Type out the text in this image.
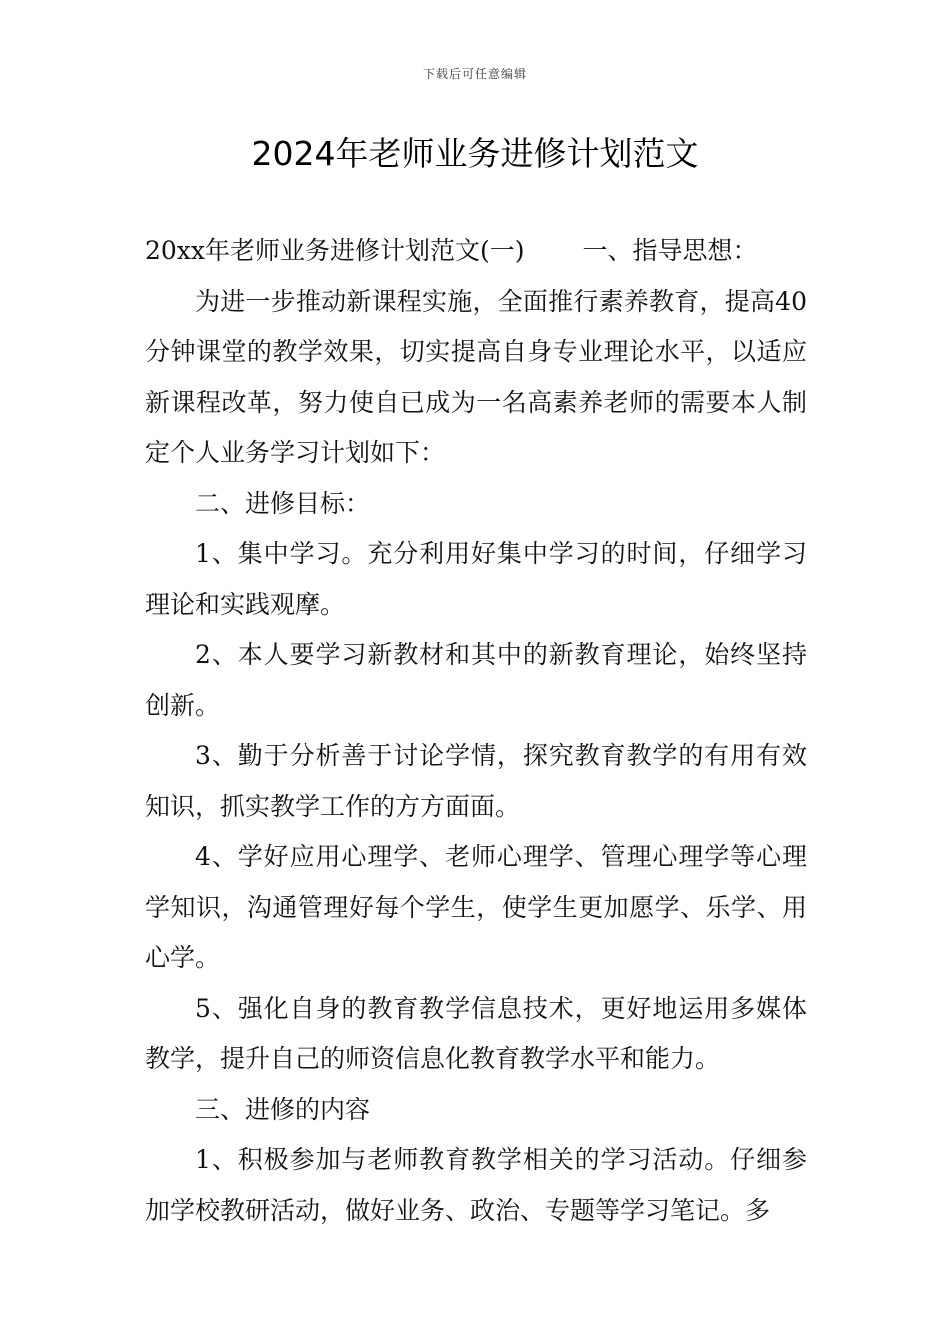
下载后可任意编辑
2024年老师业务进修计划范文

20xx年老师业务进修计划范文(一) 一、指导思想：

为进一步推动新课程实施，全面推行素养教育，提高40分钟课堂的教学效果，切实提高自身专业理论水平，以适应新课程改革，努力使自已成为一名高素养老师的需要本人制定个人业务学习计划如下：

二、进修目标：

1、集中学习。充分利用好集中学习的时间，仔细学习理论和实践观摩。

2、本人要学习新教材和其中的新教育理论，始终坚持创新。

3、勤于分析善于讨论学情，探究教育教学的有用有效知识，抓实教学工作的方方面面。

4、学好应用心理学、老师心理学、管理心理学等心理学知识，沟通管理好每个学生，使学生更加愿学、乐学、用心学。

5、强化自身的教育教学信息技术，更好地运用多媒体教学，提升自己的师资信息化教育教学水平和能力。

三、进修的内容

1、积极参加与老师教育教学相关的学习活动。仔细参加学校教研活动，做好业务、政治、专题等学习笔记。多
